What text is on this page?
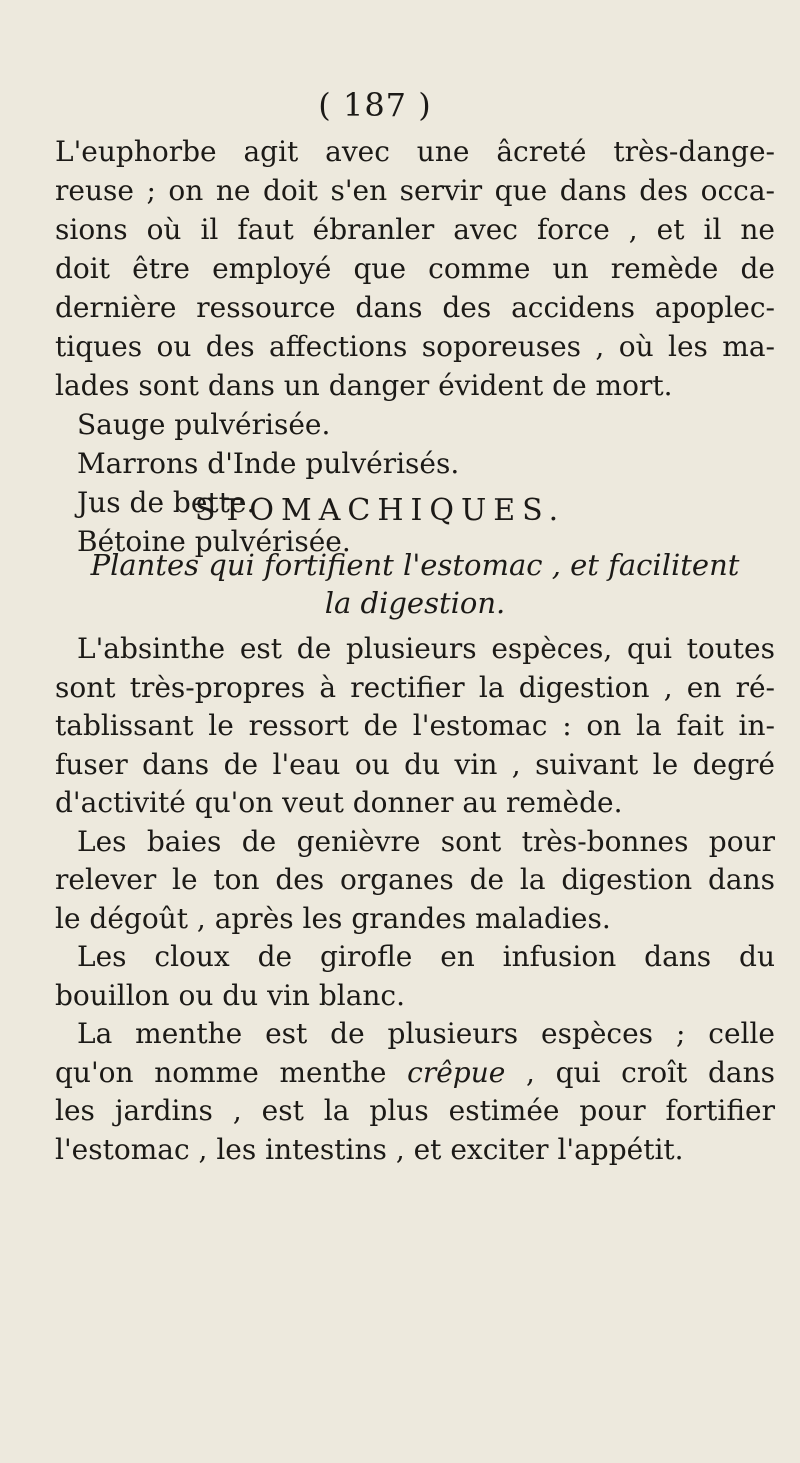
( 187 )
L'euphorbe agit avec une âcreté très-dange-
reuse ; on ne doit s'en servir que dans des occa-
sions où il faut ébranler avec force , et il ne
doit être employé que comme un remède de
dernière ressource dans des accidens apoplec-
tiques ou des affections soporeuses , où les ma-
lades sont dans un danger évident de mort.
Sauge pulvérisée.
Marrons d'Inde pulvérisés.
Jus de bette.
Bétoine pulvérisée.
STOMACHIQUES.
Plantes qui fortifient l'estomac , et facilitent
la digestion.
L'absinthe est de plusieurs espèces, qui toutes
sont très-propres à rectifier la digestion , en ré-
tablissant le ressort de l'estomac : on la fait in-
fuser dans de l'eau ou du vin , suivant le degré
d'activité qu'on veut donner au remède.
Les baies de genièvre sont très-bonnes pour
relever le ton des organes de la digestion dans
le dégoût , après les grandes maladies.
Les cloux de girofle en infusion dans du
bouillon ou du vin blanc.
La menthe est de plusieurs espèces ; celle
qu'on nomme menthe crêpue , qui croît dans
les jardins , est la plus estimée pour fortifier
l'estomac , les intestins , et exciter l'appétit.
